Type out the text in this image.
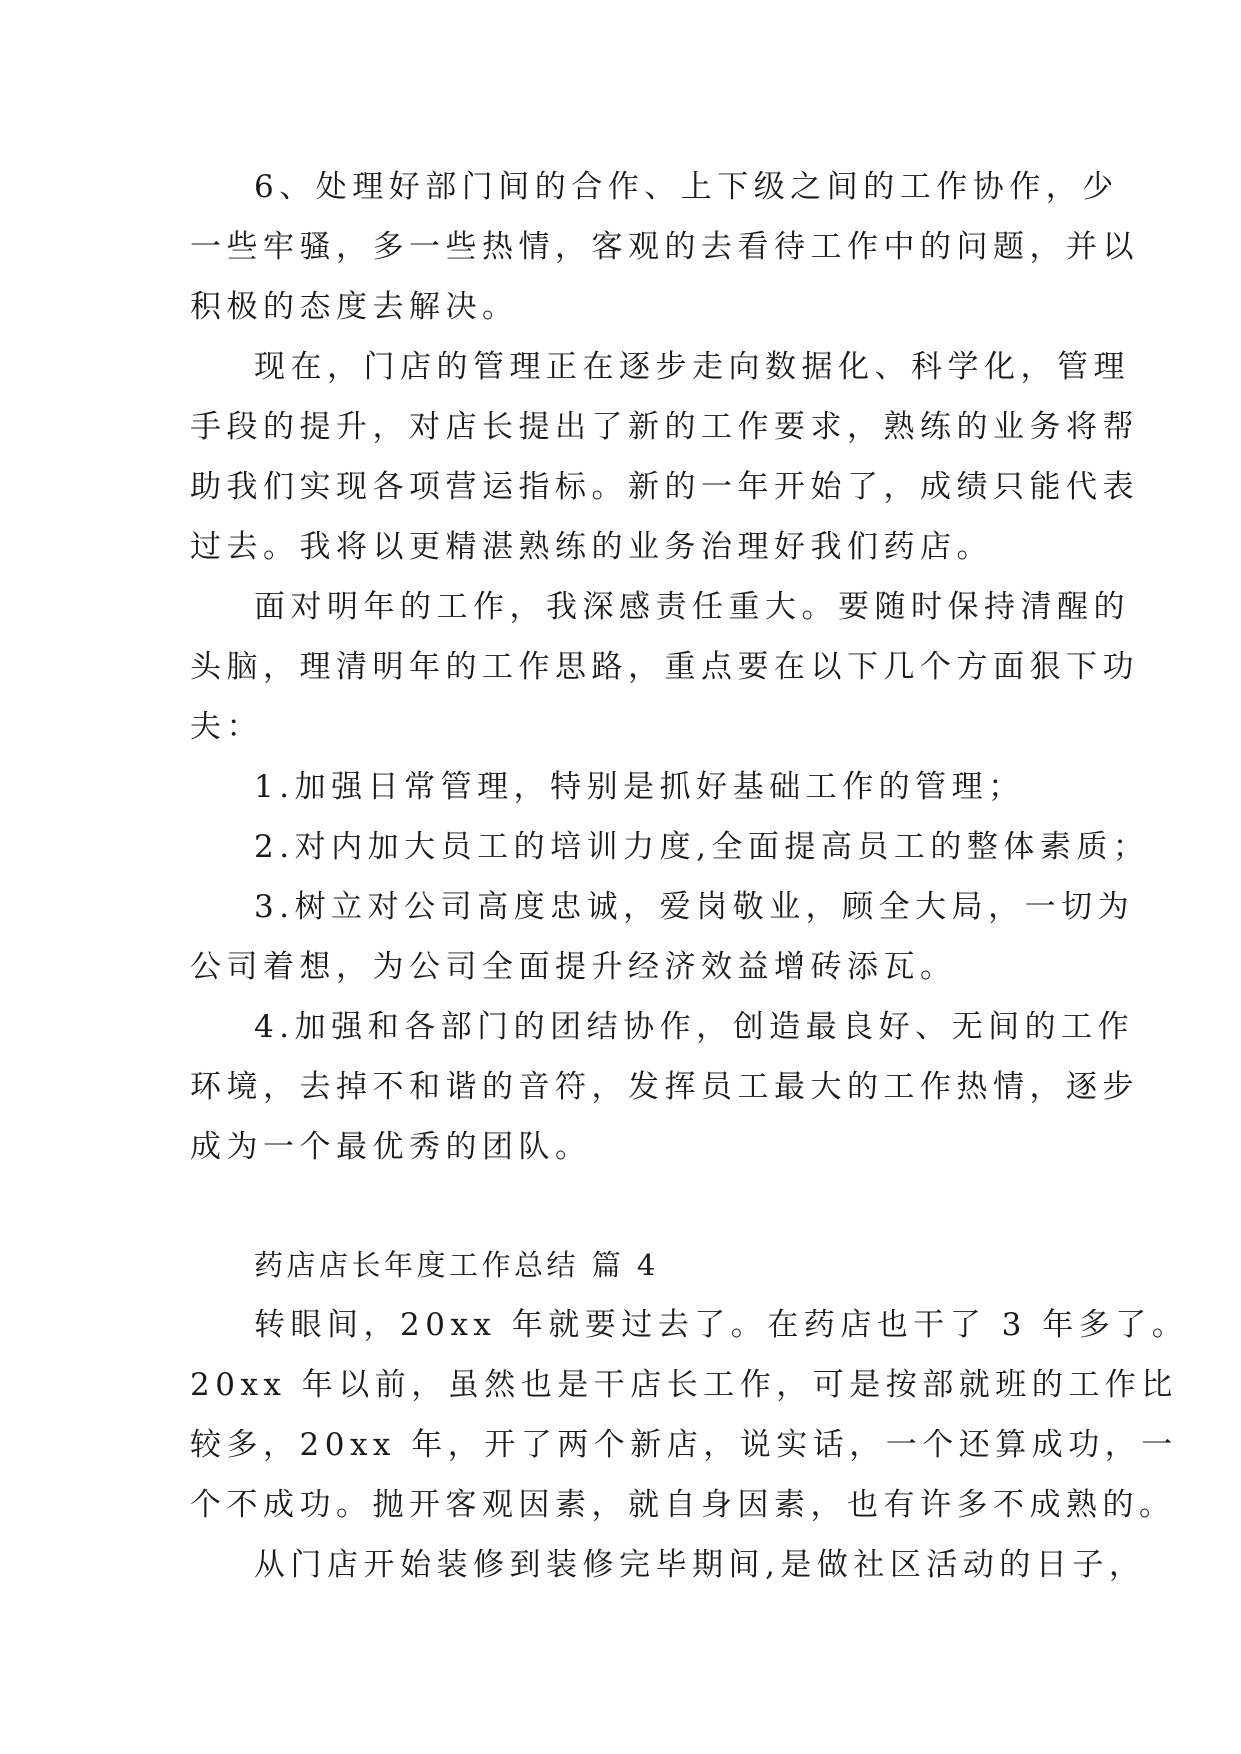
6、处理好部门间的合作、上下级之间的工作协作，少
一些牢骚，多一些热情，客观的去看待工作中的问题，并以
积极的态度去解决。
现在，门店的管理正在逐步走向数据化、科学化，管理
手段的提升，对店长提出了新的工作要求，熟练的业务将帮
助我们实现各项营运指标。新的一年开始了，成绩只能代表
过去。我将以更精湛熟练的业务治理好我们药店。
面对明年的工作，我深感责任重大。要随时保持清醒的
头脑，理清明年的工作思路，重点要在以下几个方面狠下功
夫：
1.加强日常管理，特别是抓好基础工作的管理；
2.对内加大员工的培训力度,全面提高员工的整体素质；
3.树立对公司高度忠诚，爱岗敬业，顾全大局，一切为
公司着想，为公司全面提升经济效益增砖添瓦。
4.加强和各部门的团结协作，创造最良好、无间的工作
环境，去掉不和谐的音符，发挥员工最大的工作热情，逐步
成为一个最优秀的团队。
药店店长年度工作总结 篇 4
转眼间，20xx 年就要过去了。在药店也干了 3 年多了。
20xx 年以前，虽然也是干店长工作，可是按部就班的工作比
较多，20xx 年，开了两个新店，说实话，一个还算成功，一
个不成功。抛开客观因素，就自身因素，也有许多不成熟的。
从门店开始装修到装修完毕期间,是做社区活动的日子，
